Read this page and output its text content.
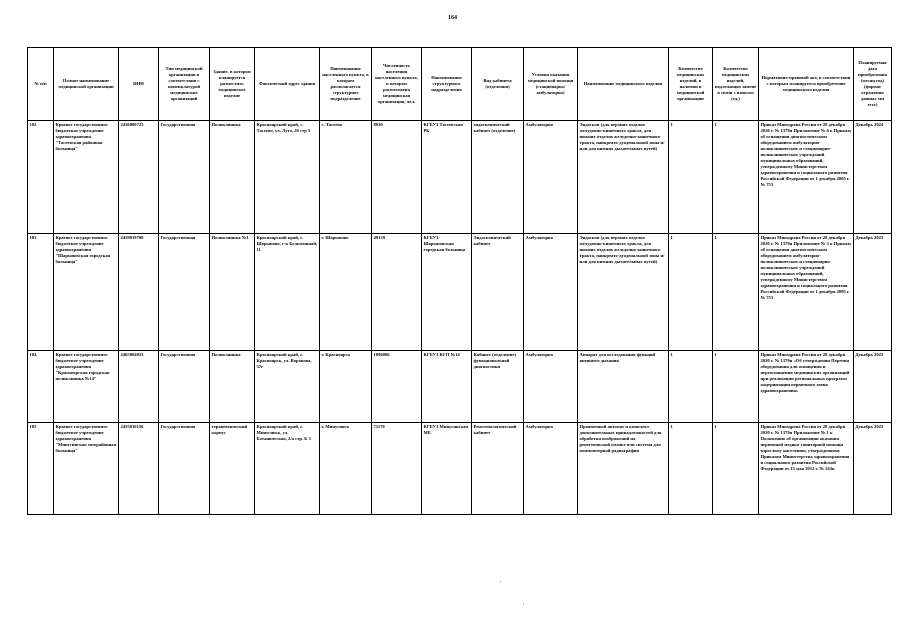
164
№ п/п	Полное наименование медицинской организации	ИНН	Тип медицинской организации в соответствии с номенклатурой медицинских организаций	Здание, в котором планируется разместить медицинское изделие	Фактический адрес здания	Наименование населенного пункта, в котором располагается структурное подразделение	Численность населения населенного пункта, в котором расположена медицинская организация, чел.	Наименование структурного подразделения	Вид кабинета (отделения)	Условия оказания медицинской помощи (стационарно/амбулаторно)	Наименование медицинского изделия	Количество медицинских изделий, в наличии в медицинской организации	Количество медицинских изделий, подлежащих замене в связи с износом (ед.)	Нормативно-правовой акт, в соответствии с которым планируется приобретение медицинского изделия	Планируемая дата приобретения (месяц год) (формат отражения данных мм гггг)
102	Краевое государственное бюджетное учреждение здравоохранения "Тасеевская районная больница"	2436000725	Государственная	Поликлиника	Красноярский край, с. Тасеево, ул. Луго, 20 стр 5	с. Тасеево	8030	КГБУЗ Тасеевская РБ	эндоскопический кабинет (отделение)	Амбулаторно	Эндоскоп (для верхних отделов желудочно-кишечного тракта, для нижних отделов желудочно-кишечного тракта, панкреато-дуоденальной зоны и/или для нижних дыхательных путей)	1	1	Приказ Минздрава России от 28 декабря 2020 г. № 1379н Приложение № 6 к Приказу об оснащении диагностическим оборудованием амбулаторно-поликлинических и стационарно-поликлинических учреждений муниципальных образований, утвержденному Министерством здравоохранения и социального развития Российской Федерации от 1 декабря 2005 г. № 753	Декабрь 2024
103	Краевое государственное бюджетное учреждение здравоохранения "Шарыповская городская больница"	2459019708	Государственная	Поликлиника №1	Красноярский край, г. Шарыпово, г-к Бельменный, 11	г. Шарыпово	49139	КГБУЗ Шарыповская городская больница	Эндоскопический кабинет	Амбулаторно	Эндоскоп (для верхних отделов желудочно-кишечного тракта, для нижних отделов желудочно-кишечного тракта, панкреато-дуоденальной зоны и/или для нижних дыхательных путей)	1	1	Приказ Минздрава России от 28 декабря 2020 г. № 1379н Приложение № 3 к Приказу об оснащении диагностическим оборудованием амбулаторно-поликлинических и стационарно-поликлинических учреждений муниципальных образований, утвержденному Министерством здравоохранения и социального развития Российской Федерации от 1 декабря 2005 г. № 753	Декабрь 2025
104	Краевое государственное бюджетное учреждение здравоохранения "Красноярская городская поликлиника №14"	2465004033	Государственная	Поликлиника	Красноярский край, г. Красноярск, ул. Воронова, 37г	г. Красноярск	1096086	КГБУЗ КГП №14	Кабинет (отделение) функциональной диагностики	Амбулаторно	Аппарат для исследования функций внешнего дыхания	1	1	Приказ Минздрава России от 28 декабря 2020 г. № 1379н «Об утверждении Перечня оборудования для оснащения и переоснащения медицинских организаций при реализации региональных программ модернизации первичного звена здравоохранения»	Декабрь 2025
105	Краевое государственное бюджетное учреждение здравоохранения "Минусинская межрайонная больница"	2455036156	Государственная	терапевтический корпус	Красноярский край, г. Минусинск, ул. Ботаническая, 2/а стр. Б 3	г. Минусинск	71170	КГБУЗ Минусинская МБ	Рентгенологический кабинет	Амбулаторно	Проявочный автомат и комплект дополнительных принадлежностей для обработки изображений на рентгеновской пленке или система для компьютерной радиографии	1	1	Приказ Минздрава России от 28 декабря 2020 г. № 1379н Приложение № 1 к Положению об организации оказания первичной медико-санитарной помощи взрослому населению, утвержденному Приказом Министерства здравоохранения и социального развития Российской Федерации от 15 мая 2012 г. № 543н	Декабрь 2025
